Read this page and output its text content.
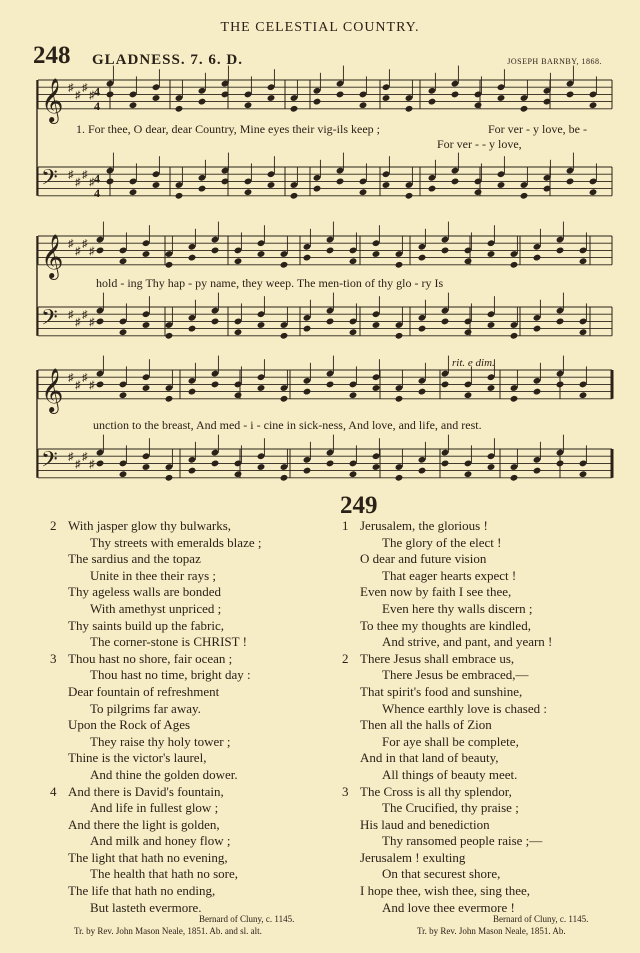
THE CELESTIAL COUNTRY.
248 GLADNESS. 7. 6. D.	JOSEPH BARNBY, 1868.
𝄞 ♯
♯
♯
♯
𝄢 ♯
♯
♯
♯
𝄞 ♯
♯
♯
♯
𝄢 ♯
♯
♯
♯
𝄞 ♯
♯
♯
♯
𝄢 ♯
♯
♯
♯
4
4
4
4
1. For thee, O dear, dear Country, Mine eyes their vig-ils keep ;	For ver - y love, be -
For ver - - y love,
hold - ing Thy hap - py name, they weep. The men-tion of thy glo - ry Is
rit. e dim.
unction to the breast, And med - i - cine in sick-ness, And love, and life, and rest.
249
2 With jasper glow thy bulwarks,
Thy streets with emeralds blaze ;
The sardius and the topaz
Unite in thee their rays ;
Thy ageless walls are bonded
With amethyst unpriced ;
Thy saints build up the fabric,
The corner-stone is CHRIST !
3 Thou hast no shore, fair ocean ;
Thou hast no time, bright day :
Dear fountain of refreshment
To pilgrims far away.
Upon the Rock of Ages
They raise thy holy tower ;
Thine is the victor's laurel,
And thine the golden dower.
4 And there is David's fountain,
And life in fullest glow ;
And there the light is golden,
And milk and honey flow ;
The light that hath no evening,
The health that hath no sore,
The life that hath no ending,
But lasteth evermore.
1 Jerusalem, the glorious !
The glory of the elect !
O dear and future vision
That eager hearts expect !
Even now by faith I see thee,
Even here thy walls discern ;
To thee my thoughts are kindled,
And strive, and pant, and yearn !
2 There Jesus shall embrace us,
There Jesus be embraced,—
That spirit's food and sunshine,
Whence earthly love is chased :
Then all the halls of Zion
For aye shall be complete,
And in that land of beauty,
All things of beauty meet.
3 The Cross is all thy splendor,
The Crucified, thy praise ;
His laud and benediction
Thy ransomed people raise ;—
Jerusalem ! exulting
On that securest shore,
I hope thee, wish thee, sing thee,
And love thee evermore !
Bernard of Cluny, c. 1145.
Tr. by Rev. John Mason Neale, 1851. Ab. and sl. alt.
Bernard of Cluny, c. 1145.
Tr. by Rev. John Mason Neale, 1851. Ab.
